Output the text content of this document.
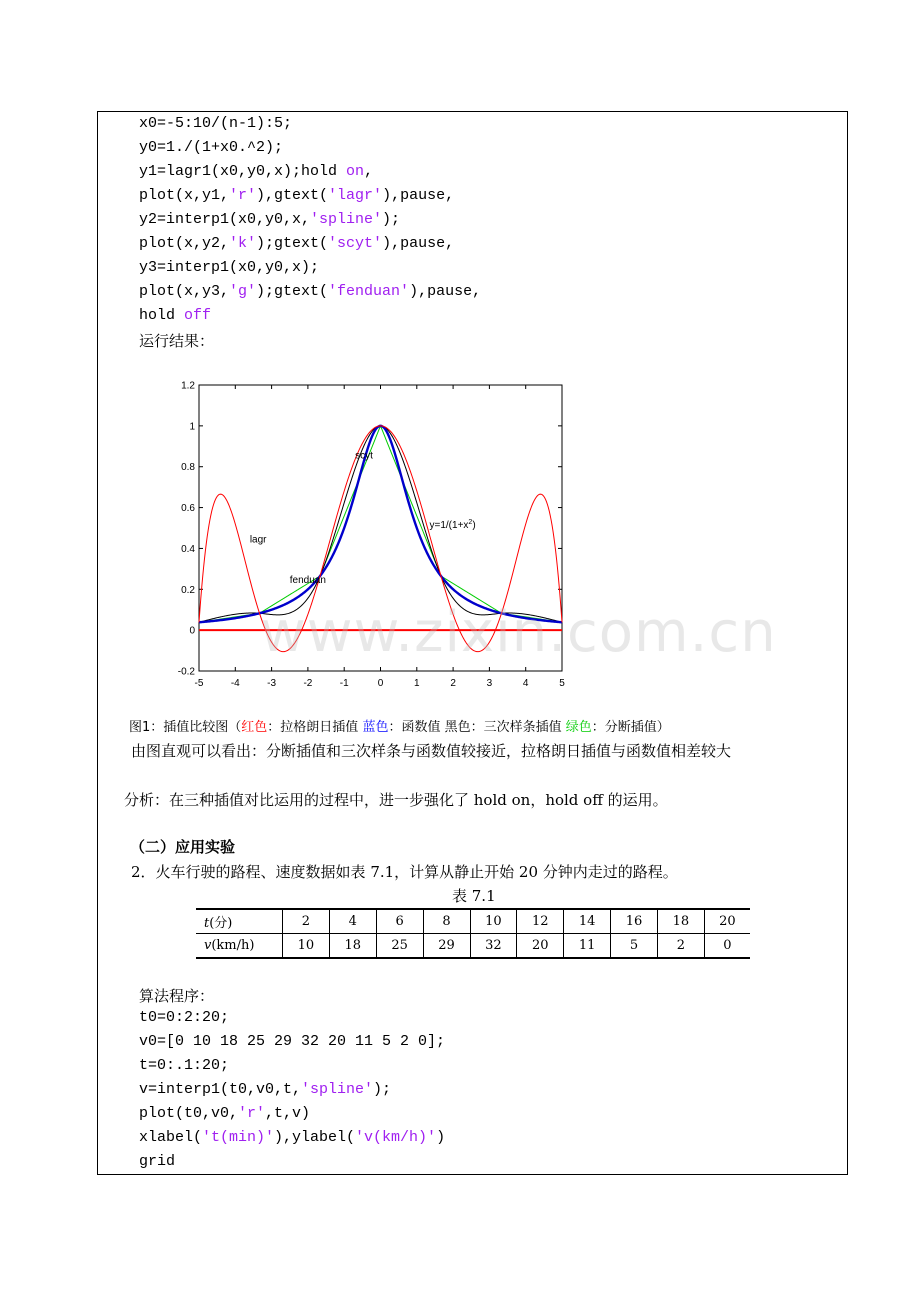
x0=-5:10/(n-1):5;
y0=1./(1+x0.^2);
y1=lagr1(x0,y0,x);hold on,
plot(x,y1,'r'),gtext('lagr'),pause,
y2=interp1(x0,y0,x,'spline');
plot(x,y2,'k');gtext('scyt'),pause,
y3=interp1(x0,y0,x);
plot(x,y3,'g');gtext('fenduan'),pause,
hold off
运行结果：
-5	-4	-3	-2	-1	0	1	2	3	4	5
-0.2
0
0.2
0.4
0.6
0.8
1
1.2
lagr
scyt
fenduan
$y=1/(1+x^2)$
www.zixin.com.cn
图1：插值比较图（红色：拉格朗日插值 蓝色：函数值 黑色：三次样条插值 绿色：分断插值）
由图直观可以看出：分断插值和三次样条与函数值较接近，拉格朗日插值与函数值相差较大
分析：在三种插值对比运用的过程中，进一步强化了 hold on，hold off 的运用。
（二）应用实验
2．火车行驶的路程、速度数据如表 7.1，计算从静止开始 20 分钟内走过的路程。
表 7.1
t(分)	2	4	6	8	10	12	14	16	18	20
v(km/h)	10	18	25	29	32	20	11	5	2	0
算法程序：
t0=0:2:20;
v0=[0 10 18 25 29 32 20 11 5 2 0];
t=0:.1:20;
v=interp1(t0,v0,t,'spline');
plot(t0,v0,'r',t,v)
xlabel('t(min)'),ylabel('v(km/h)')
grid
